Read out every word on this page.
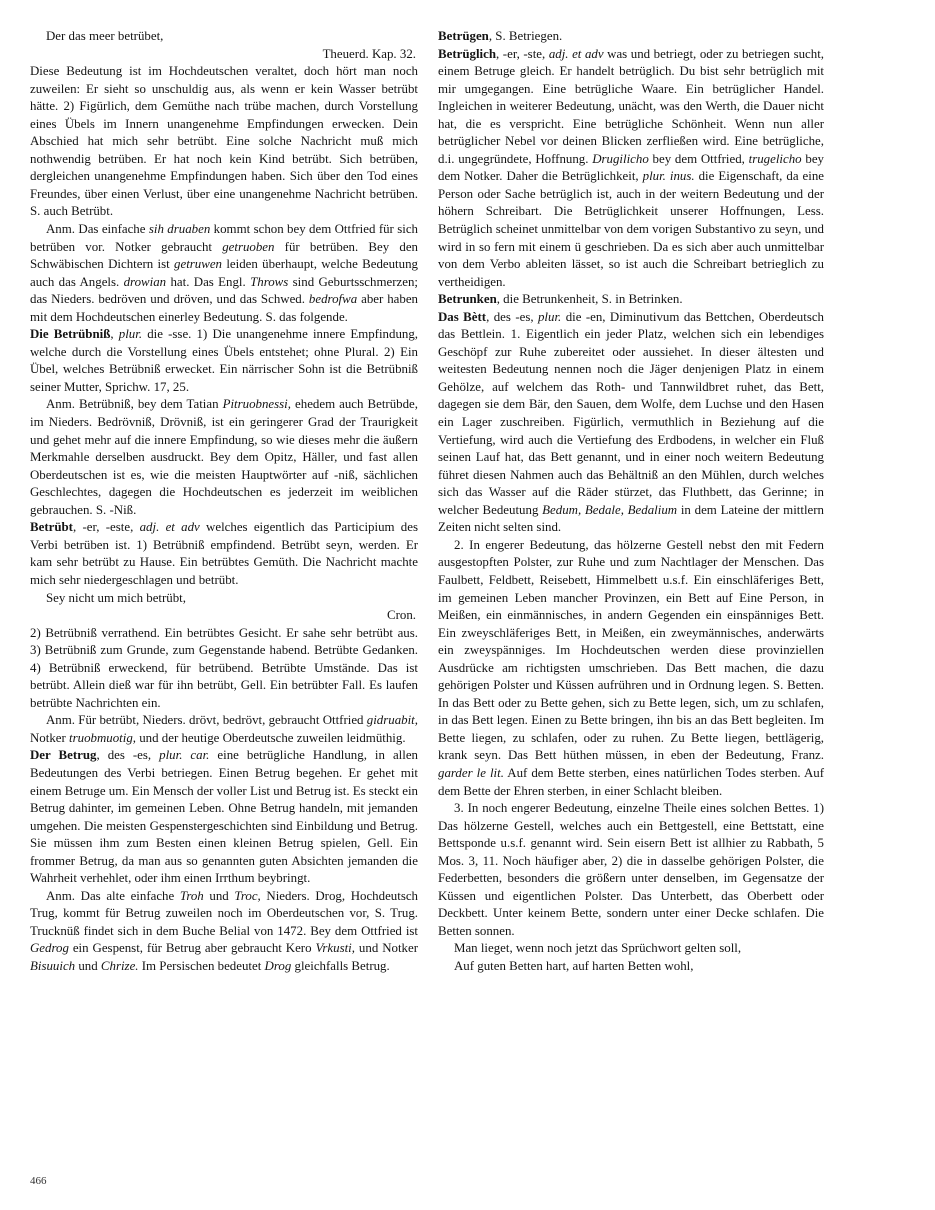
Der das meer betrübet,

Theuerd. Kap. 32.

Diese Bedeutung ist im Hochdeutschen veraltet, doch hört man noch zuweilen: Er sieht so unschuldig aus, als wenn er kein Wasser betrübt hätte. 2) Figürlich, dem Gemüthe nach trübe machen, durch Vorstellung eines Übels im Innern unangenehme Empfindungen erwecken. Dein Abschied hat mich sehr betrübt. Eine solche Nachricht muß mich nothwendig betrüben. Er hat noch kein Kind betrübt. Sich betrüben, dergleichen unangenehme Empfindungen haben. Sich über den Tod eines Freundes, über einen Verlust, über eine unangenehme Nachricht betrüben. S. auch Betrübt.

Anm. Das einfache sih druaben kommt schon bey dem Ottfried für sich betrüben vor. Notker gebraucht getruoben für betrüben. Bey den Schwäbischen Dichtern ist getruwen leiden überhaupt, welche Bedeutung auch das Angels. drowian hat. Das Engl. Throws sind Geburtsschmerzen; das Nieders. bedröven und dröven, und das Schwed. bedrofwa aber haben mit dem Hochdeutschen einerley Bedeutung. S. das folgende.

Die Betrübniß, plur. die -sse. 1) Die unangenehme innere Empfindung, welche durch die Vorstellung eines Übels entstehet; ohne Plural. 2) Ein Übel, welches Betrübniß erwecket. Ein närrischer Sohn ist die Betrübniß seiner Mutter, Sprichw. 17, 25.

Anm. Betrübniß, bey dem Tatian Pitruobnessi, ehedem auch Betrübde, im Nieders. Bedrövniß, Drövniß, ist ein geringerer Grad der Traurigkeit und gehet mehr auf die innere Empfindung, so wie dieses mehr die äußern Merkmahle derselben ausdruckt. Bey dem Opitz, Häller, und fast allen Oberdeutschen ist es, wie die meisten Hauptwörter auf -niß, sächlichen Geschlechtes, dagegen die Hochdeutschen es jederzeit im weiblichen gebrauchen. S. -Niß.

Betrübt, -er, -este, adj. et adv welches eigentlich das Participium des Verbi betrüben ist. 1) Betrübniß empfindend. Betrübt seyn, werden. Er kam sehr betrübt zu Hause. Ein betrübtes Gemüth. Die Nachricht machte mich sehr niedergeschlagen und betrübt.

Sey nicht um mich betrübt,

Cron.

2) Betrübniß verrathend. Ein betrübtes Gesicht. Er sahe sehr betrübt aus. 3) Betrübniß zum Grunde, zum Gegenstande habend. Betrübte Gedanken. 4) Betrübniß erweckend, für betrübend. Betrübte Umstände. Das ist betrübt. Allein dieß war für ihn betrübt, Gell. Ein betrübter Fall. Es laufen betrübte Nachrichten ein.

Anm. Für betrübt, Nieders. drövt, bedrövt, gebraucht Ottfried gidruabit, Notker truobmuotig, und der heutige Oberdeutsche zuweilen leidmüthig.

Der Betrug, des -es, plur. car. eine betrügliche Handlung, in allen Bedeutungen des Verbi betriegen. Einen Betrug begehen. Er gehet mit einem Betruge um. Ein Mensch der voller List und Betrug ist. Es steckt ein Betrug dahinter, im gemeinen Leben. Ohne Betrug handeln, mit jemanden umgehen. Die meisten Gespenstergeschichten sind Einbildung und Betrug. Sie müssen ihm zum Besten einen kleinen Betrug spielen, Gell. Ein frommer Betrug, da man aus so genannten guten Absichten jemanden die Wahrheit verhehlet, oder ihm einen Irrthum beybringt.

Anm. Das alte einfache Troh und Troc, Nieders. Drog, Hochdeutsch Trug, kommt für Betrug zuweilen noch im Oberdeutschen vor, S. Trug. Trucknüß findet sich in dem Buche Belial von 1472. Bey dem Ottfried ist Gedrog ein Gespenst, für Betrug aber gebraucht Kero Vrkusti, und Notker Bisuuich und Chrize. Im Persischen bedeutet Drog gleichfalls Betrug.

Betrügen, S. Betriegen.

Betrüglich, -er, -ste, adj. et adv was und betriegt, oder zu betriegen sucht, einem Betruge gleich. Er handelt betrüglich. Du bist sehr betrüglich mit mir umgegangen. Eine betrügliche Waare. Ein betrüglicher Handel. Ingleichen in weiterer Bedeutung, unächt, was den Werth, die Dauer nicht hat, die es verspricht. Eine betrügliche Schönheit. Wenn nun aller betrüglicher Nebel vor deinen Blicken zerfließen wird. Eine betrügliche, d.i. ungegründete, Hoffnung. Drugilicho bey dem Ottfried, trugelicho bey dem Notker. Daher die Betrüglichkeit, plur. inus. die Eigenschaft, da eine Person oder Sache betrüglich ist, auch in der weitern Bedeutung und der höhern Schreibart. Die Betrüglichkeit unserer Hoffnungen, Less. Betrüglich scheinet unmittelbar von dem vorigen Substantivo zu seyn, und wird in so fern mit einem ü geschrieben. Da es sich aber auch unmittelbar von dem Verbo ableiten lässet, so ist auch die Schreibart betrieglich zu vertheidigen.

Betrunken, die Betrunkenheit, S. in Betrinken.

Das Bètt, des -es, plur. die -en, Diminutivum das Bettchen, Oberdeutsch das Bettlein. 1. Eigentlich ein jeder Platz, welchen sich ein lebendiges Geschöpf zur Ruhe zubereitet oder aussiehet. In dieser ältesten und weitesten Bedeutung nennen noch die Jäger denjenigen Platz in einem Gehölze, auf welchem das Roth- und Tannwildbret ruhet, das Bett, dagegen sie dem Bär, den Sauen, dem Wolfe, dem Luchse und den Hasen ein Lager zuschreiben. Figürlich, vermuthlich in Beziehung auf die Vertiefung, wird auch die Vertiefung des Erdbodens, in welcher ein Fluß seinen Lauf hat, das Bett genannt, und in einer noch weitern Bedeutung führet diesen Nahmen auch das Behältniß an den Mühlen, durch welches sich das Wasser auf die Räder stürzet, das Fluthbett, das Gerinne; in welcher Bedeutung Bedum, Bedale, Bedalium in dem Lateine der mittlern Zeiten nicht selten sind.

2. In engerer Bedeutung, das hölzerne Gestell nebst den mit Federn ausgestopften Polster, zur Ruhe und zum Nachtlager der Menschen. Das Faulbett, Feldbett, Reisebett, Himmelbett u.s.f. Ein einschläferiges Bett, im gemeinen Leben mancher Provinzen, ein Bett auf Eine Person, in Meißen, ein einmännisches, in andern Gegenden ein einspänniges Bett. Ein zweyschläferiges Bett, in Meißen, ein zweymännisches, anderwärts ein zweyspänniges. Im Hochdeutschen werden diese provinziellen Ausdrücke am richtigsten umschrieben. Das Bett machen, die dazu gehörigen Polster und Küssen aufrühren und in Ordnung legen. S. Betten. In das Bett oder zu Bette gehen, sich zu Bette legen, sich, um zu schlafen, in das Bett legen. Einen zu Bette bringen, ihn bis an das Bett begleiten. Im Bette liegen, zu schlafen, oder zu ruhen. Zu Bette liegen, bettlägerig, krank seyn. Das Bett hüthen müssen, in eben der Bedeutung, Franz. garder le lit. Auf dem Bette sterben, eines natürlichen Todes sterben. Auf dem Bette der Ehren sterben, in einer Schlacht bleiben.

3. In noch engerer Bedeutung, einzelne Theile eines solchen Bettes. 1) Das hölzerne Gestell, welches auch ein Bettgestell, eine Bettstatt, eine Bettsponde u.s.f. genannt wird. Sein eisern Bett ist allhier zu Rabbath, 5 Mos. 3, 11. Noch häufiger aber, 2) die in dasselbe gehörigen Polster, die Federbetten, besonders die größern unter denselben, im Gegensatze der Küssen und eigentlichen Polster. Das Unterbett, das Oberbett oder Deckbett. Unter keinem Bette, sondern unter einer Decke schlafen. Die Betten sonnen.

Man lieget, wenn noch jetzt das Sprüchwort gelten soll,

Auf guten Betten hart, auf harten Betten wohl,

466
